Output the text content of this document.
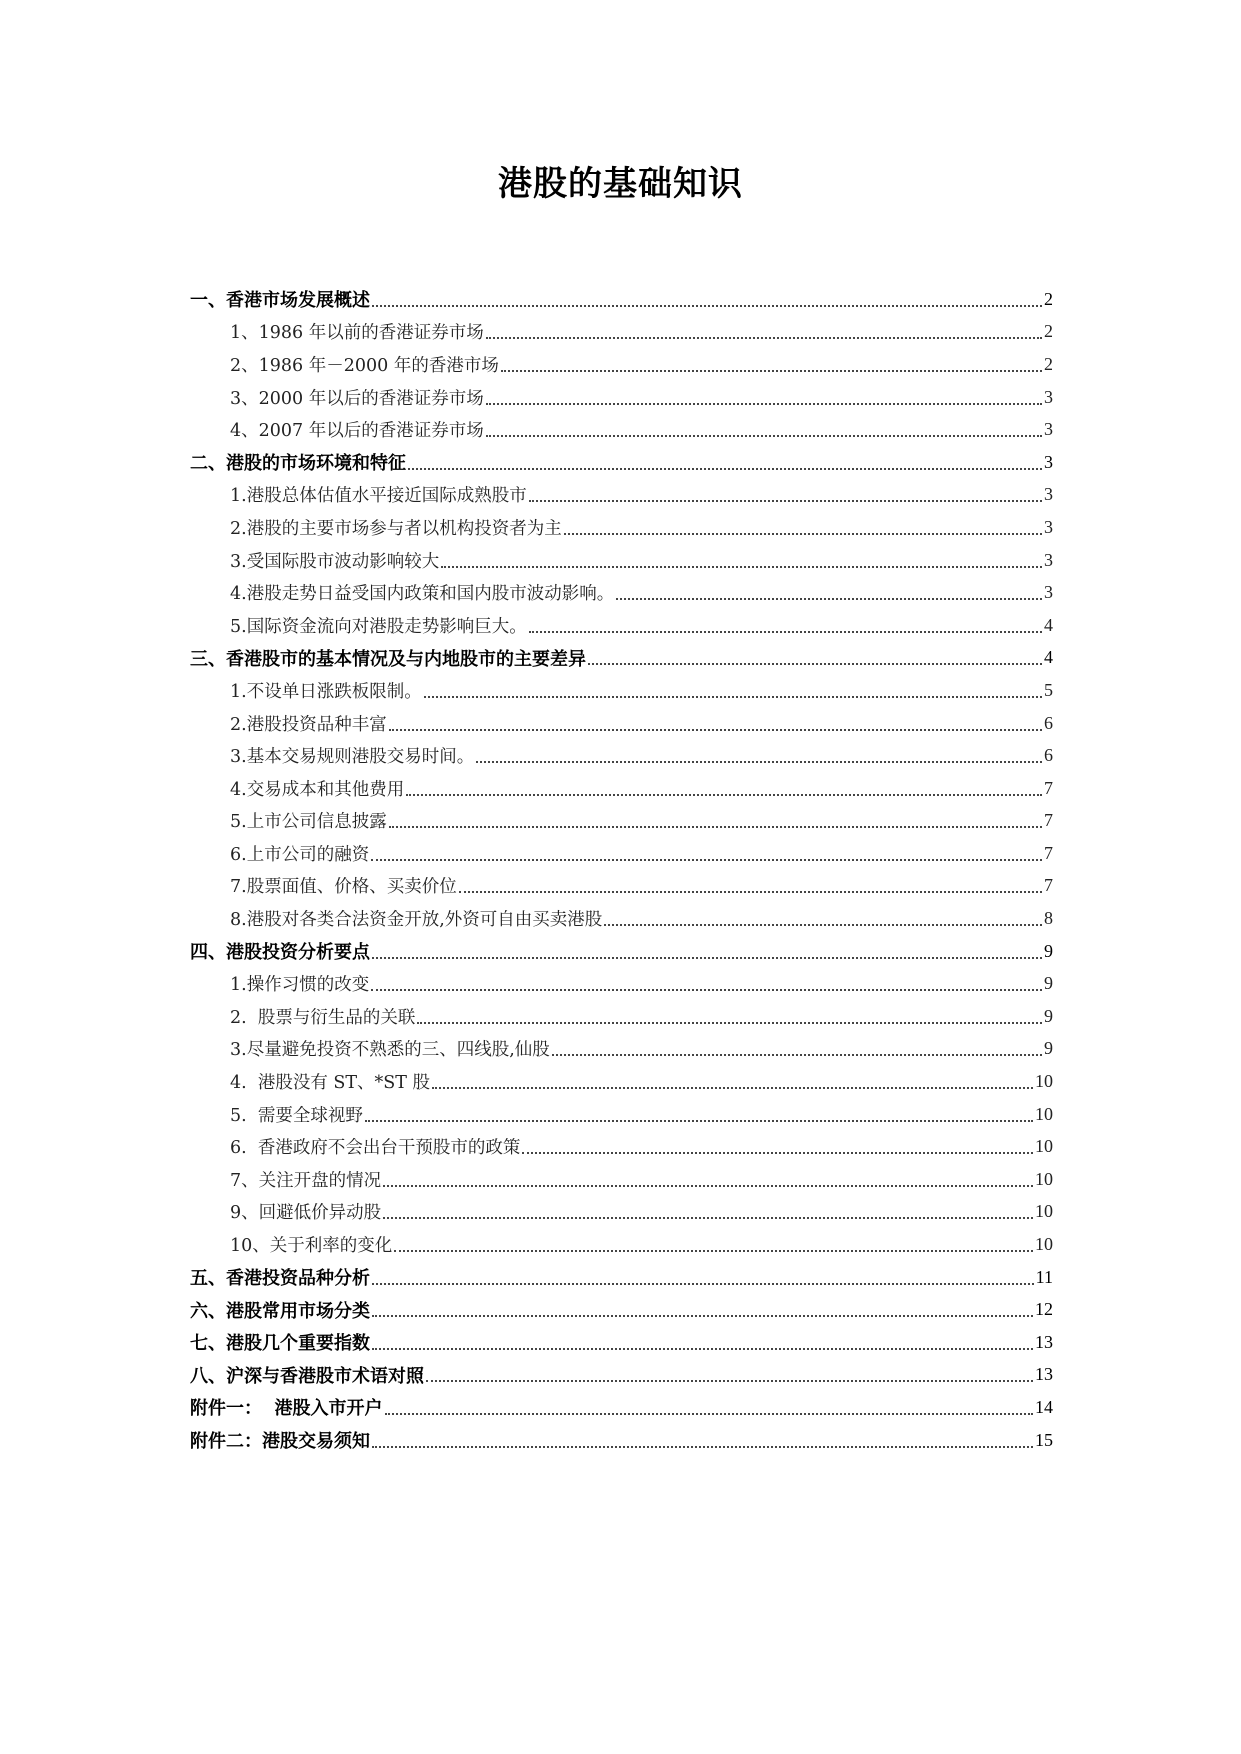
港股的基础知识
一、香港市场发展概述	2
1、1986 年以前的香港证券市场	2
2、1986 年－2000 年的香港市场	2
3、2000 年以后的香港证券市场	3
4、2007 年以后的香港证券市场	3
二、港股的市场环境和特征	3
1.港股总体估值水平接近国际成熟股市	3
2.港股的主要市场参与者以机构投资者为主	3
3.受国际股市波动影响较大	3
4.港股走势日益受国内政策和国内股市波动影响。	3
5.国际资金流向对港股走势影响巨大。	4
三、香港股市的基本情况及与内地股市的主要差异	4
1.不设单日涨跌板限制。	5
2.港股投资品种丰富	6
3.基本交易规则港股交易时间。	6
4.交易成本和其他费用	7
5.上市公司信息披露	7
6.上市公司的融资	7
7.股票面值、价格、买卖价位	7
8.港股对各类合法资金开放,外资可自由买卖港股	8
四、港股投资分析要点	9
1.操作习惯的改变	9
2.  股票与衍生品的关联	9
3.尽量避免投资不熟悉的三、四线股,仙股	9
4.  港股没有 ST、*ST 股	10
5.  需要全球视野	10
6.  香港政府不会出台干预股市的政策	10
7、关注开盘的情况	10
9、回避低价异动股	10
10、关于利率的变化	10
五、香港投资品种分析	11
六、港股常用市场分类	12
七、港股几个重要指数	13
八、沪深与香港股市术语对照	13
附件一：  港股入市开户	14
附件二：港股交易须知	15
